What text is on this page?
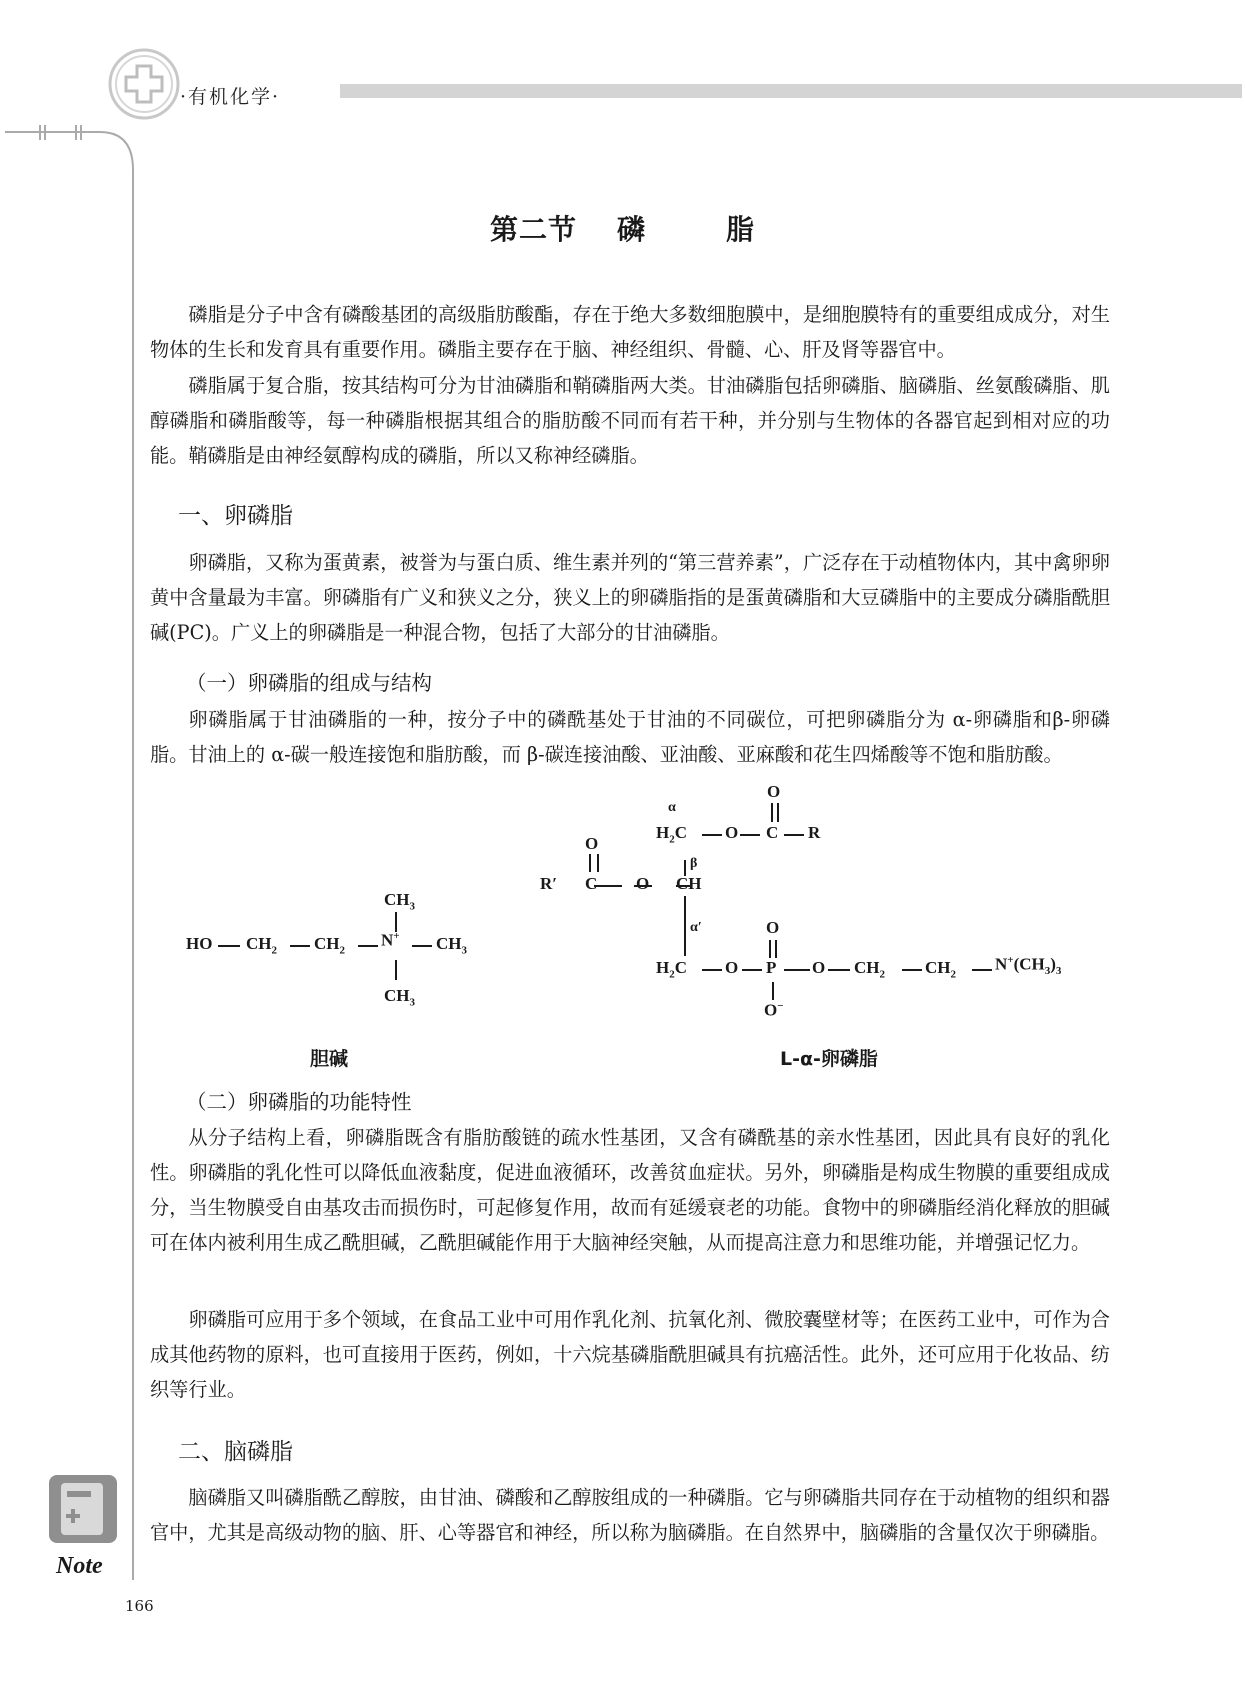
·有机化学·
第二节 磷	脂
磷脂是分子中含有磷酸基团的高级脂肪酸酯，存在于绝大多数细胞膜中，是细胞膜特有的重要组成成分，对生物体的生长和发育具有重要作用。磷脂主要存在于脑、神经组织、骨髓、心、肝及肾等器官中。
磷脂属于复合脂，按其结构可分为甘油磷脂和鞘磷脂两大类。甘油磷脂包括卵磷脂、脑磷脂、丝氨酸磷脂、肌醇磷脂和磷脂酸等，每一种磷脂根据其组合的脂肪酸不同而有若干种，并分别与生物体的各器官起到相对应的功能。鞘磷脂是由神经氨醇构成的磷脂，所以又称神经磷脂。
一、卵磷脂
卵磷脂，又称为蛋黄素，被誉为与蛋白质、维生素并列的“第三营养素”，广泛存在于动植物体内，其中禽卵卵黄中含量最为丰富。卵磷脂有广义和狭义之分，狭义上的卵磷脂指的是蛋黄磷脂和大豆磷脂中的主要成分磷脂酰胆碱(PC)。广义上的卵磷脂是一种混合物，包括了大部分的甘油磷脂。
（一）卵磷脂的组成与结构
卵磷脂属于甘油磷脂的一种，按分子中的磷酰基处于甘油的不同碳位，可把卵磷脂分为 α-卵磷脂和β-卵磷脂。甘油上的 α-碳一般连接饱和脂肪酸，而 β-碳连接油酸、亚油酸、亚麻酸和花生四烯酸等不饱和脂肪酸。
HO $CH_2$ $CH_2$
N+ $CH_3$
$CH_3$
$CH_3$
R′
O
C O CH
$H_2C$
α
β
α′
O C
O
R
$H_2C$ O P
O
O−
O $CH_2$ $CH_2$
$N^+(CH_3)_3$
胆碱	L-α-卵磷脂
（二）卵磷脂的功能特性
从分子结构上看，卵磷脂既含有脂肪酸链的疏水性基团，又含有磷酰基的亲水性基团，因此具有良好的乳化性。卵磷脂的乳化性可以降低血液黏度，促进血液循环，改善贫血症状。另外，卵磷脂是构成生物膜的重要组成成分，当生物膜受自由基攻击而损伤时，可起修复作用，故而有延缓衰老的功能。食物中的卵磷脂经消化释放的胆碱可在体内被利用生成乙酰胆碱，乙酰胆碱能作用于大脑神经突触，从而提高注意力和思维功能，并增强记忆力。
卵磷脂可应用于多个领域，在食品工业中可用作乳化剂、抗氧化剂、微胶囊壁材等；在医药工业中，可作为合成其他药物的原料，也可直接用于医药，例如，十六烷基磷脂酰胆碱具有抗癌活性。此外，还可应用于化妆品、纺织等行业。
二、脑磷脂
脑磷脂又叫磷脂酰乙醇胺，由甘油、磷酸和乙醇胺组成的一种磷脂。它与卵磷脂共同存在于动植物的组织和器官中，尤其是高级动物的脑、肝、心等器官和神经，所以称为脑磷脂。在自然界中，脑磷脂的含量仅次于卵磷脂。
Note
166
